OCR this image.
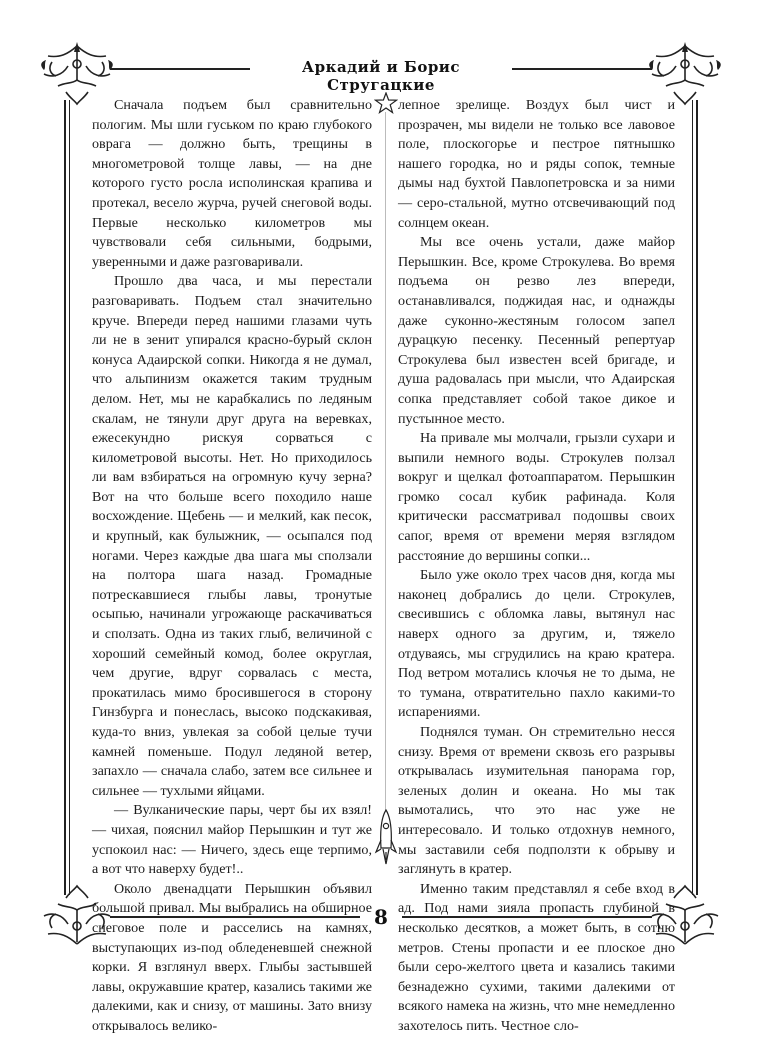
Аркадий и Борис Стругацкие

Сначала подъем был сравнительно пологим. Мы шли гуськом по краю глубокого оврага — должно быть, трещины в многометровой толще лавы, — на дне которого густо росла исполинская крапива и протекал, весело журча, ручей снеговой воды. Первые несколько километров мы чувствовали себя сильными, бодрыми, уверенными и даже разговаривали.

Прошло два часа, и мы перестали разговаривать. Подъем стал значительно круче. Впереди перед нашими глазами чуть ли не в зенит упирался красно-бурый склон конуса Адаирской сопки. Никогда я не думал, что альпинизм окажется таким трудным делом. Нет, мы не карабкались по ледяным скалам, не тянули друг друга на веревках, ежесекундно рискуя сорваться с километровой высоты. Нет. Но приходилось ли вам взбираться на огромную кучу зерна? Вот на что больше всего походило наше восхождение. Щебень — и мелкий, как песок, и крупный, как булыжник, — осыпался под ногами. Через каждые два шага мы сползали на полтора шага назад. Громадные потрескавшиеся глыбы лавы, тронутые осыпью, начинали угрожающе раскачиваться и сползать. Одна из таких глыб, величиной с хороший семейный комод, более округлая, чем другие, вдруг сорвалась с места, прокатилась мимо бросившегося в сторону Гинзбурга и понеслась, высоко подскакивая, куда-то вниз, увлекая за собой целые тучи камней поменьше. Подул ледяной ветер, запахло — сначала слабо, затем все сильнее и сильнее — тухлыми яйцами.

— Вулканические пары, черт бы их взял! — чихая, пояснил майор Перышкин и тут же успокоил нас: — Ничего, здесь еще терпимо, а вот что наверху будет!..

Около двенадцати Перышкин объявил большой привал. Мы выбрались на обширное снеговое поле и расселись на камнях, выступающих из-под обледеневшей снежной корки. Я взглянул вверх. Глыбы застывшей лавы, окружавшие кратер, казались такими же далекими, как и снизу, от машины. Зато внизу открывалось велико-

лепное зрелище. Воздух был чист и прозрачен, мы видели не только все лавовое поле, плоскогорье и пестрое пятнышко нашего городка, но и ряды сопок, темные дымы над бухтой Павлопетровска и за ними — серо-стальной, мутно отсвечивающий под солнцем океан.

Мы все очень устали, даже майор Перышкин. Все, кроме Строкулева. Во время подъема он резво лез впереди, останавливался, поджидая нас, и однажды даже суконно-жестяным голосом запел дурацкую песенку. Песенный репертуар Строкулева был известен всей бригаде, и душа радовалась при мысли, что Адаирская сопка представляет собой такое дикое и пустынное место.

На привале мы молчали, грызли сухари и выпили немного воды. Строкулев ползал вокруг и щелкал фотоаппаратом. Перышкин громко сосал кубик рафинада. Коля критически рассматривал подошвы своих сапог, время от времени меряя взглядом расстояние до вершины сопки...

Было уже около трех часов дня, когда мы наконец добрались до цели. Строкулев, свесившись с обломка лавы, вытянул нас наверх одного за другим, и, тяжело отдуваясь, мы сгрудились на краю кратера. Под ветром мотались клочья не то дыма, не то тумана, отвратительно пахло какими-то испарениями.

Поднялся туман. Он стремительно несся снизу. Время от времени сквозь его разрывы открывалась изумительная панорама гор, зеленых долин и океана. Но мы так вымотались, что это нас уже не интересовало. И только отдохнув немного, мы заставили себя подползти к обрыву и заглянуть в кратер.

Именно таким представлял я себе вход в ад. Под нами зияла пропасть глубиной в несколько десятков, а может быть, в сотню метров. Стены пропасти и ее плоское дно были серо-желтого цвета и казались такими безнадежно сухими, такими далекими от всякого намека на жизнь, что мне немедленно захотелось пить. Честное сло-

8
